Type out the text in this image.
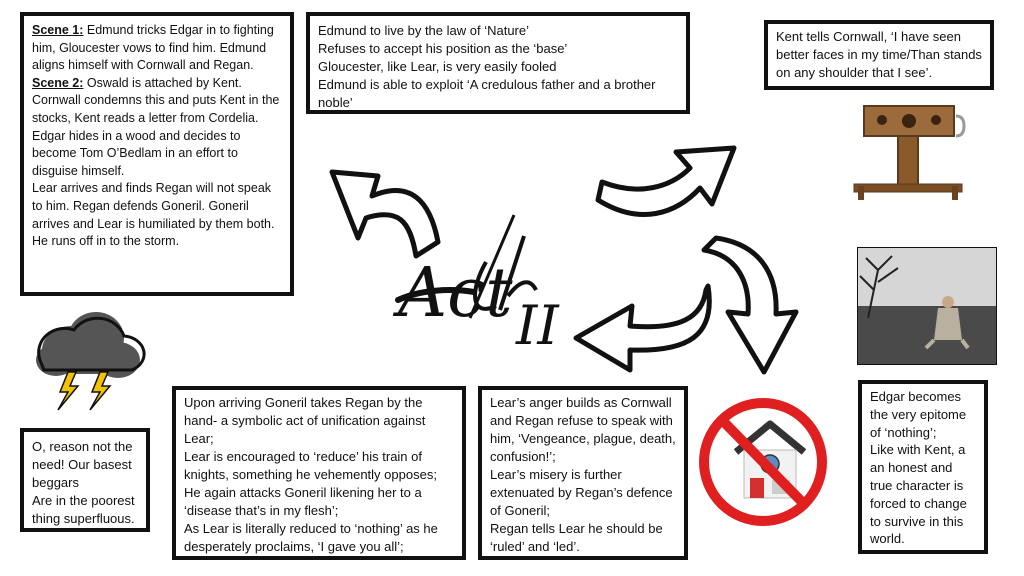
Act II

Scene 1: Edmund tricks Edgar in to fighting him, Gloucester vows to find him. Edmund aligns himself with Cornwall and Regan.

Scene 2: Oswald is attached by Kent. Cornwall condemns this and puts Kent in the stocks, Kent reads a letter from Cordelia.

Edgar hides in a wood and decides to become Tom O’Bedlam in an effort to disguise himself.

Lear arrives and finds Regan will not speak to him. Regan defends Goneril. Goneril arrives and Lear is humiliated by them both. He runs off in to the storm.

Edmund to live by the law of ‘Nature’

Refuses to accept his position as the ‘base’

Gloucester, like Lear, is very easily fooled

Edmund is able to exploit ‘A credulous father and a brother noble’

Kent tells Cornwall, ‘I have seen better faces in my time/Than stands on any shoulder that I see’.

O, reason not the need! Our basest beggars

Are in the poorest thing superfluous.

Upon arriving Goneril takes Regan by the hand- a symbolic act of unification against Lear;

Lear is encouraged to ‘reduce’ his train of knights, something he vehemently opposes;

He again attacks Goneril likening her to a ‘disease that’s in my flesh’;

As Lear is literally reduced to ‘nothing’ as he desperately proclaims, ‘I gave you all’;

Lear’s anger builds as Cornwall and Regan refuse to speak with him, ‘Vengeance, plague, death, confusion!’;

Lear’s misery is further extenuated by Regan’s defence of Goneril;

Regan tells Lear he should be ‘ruled’ and ‘led’.

Edgar becomes the very epitome of ‘nothing’;

Like with Kent, a an honest and true character is forced to change to survive in this world.
